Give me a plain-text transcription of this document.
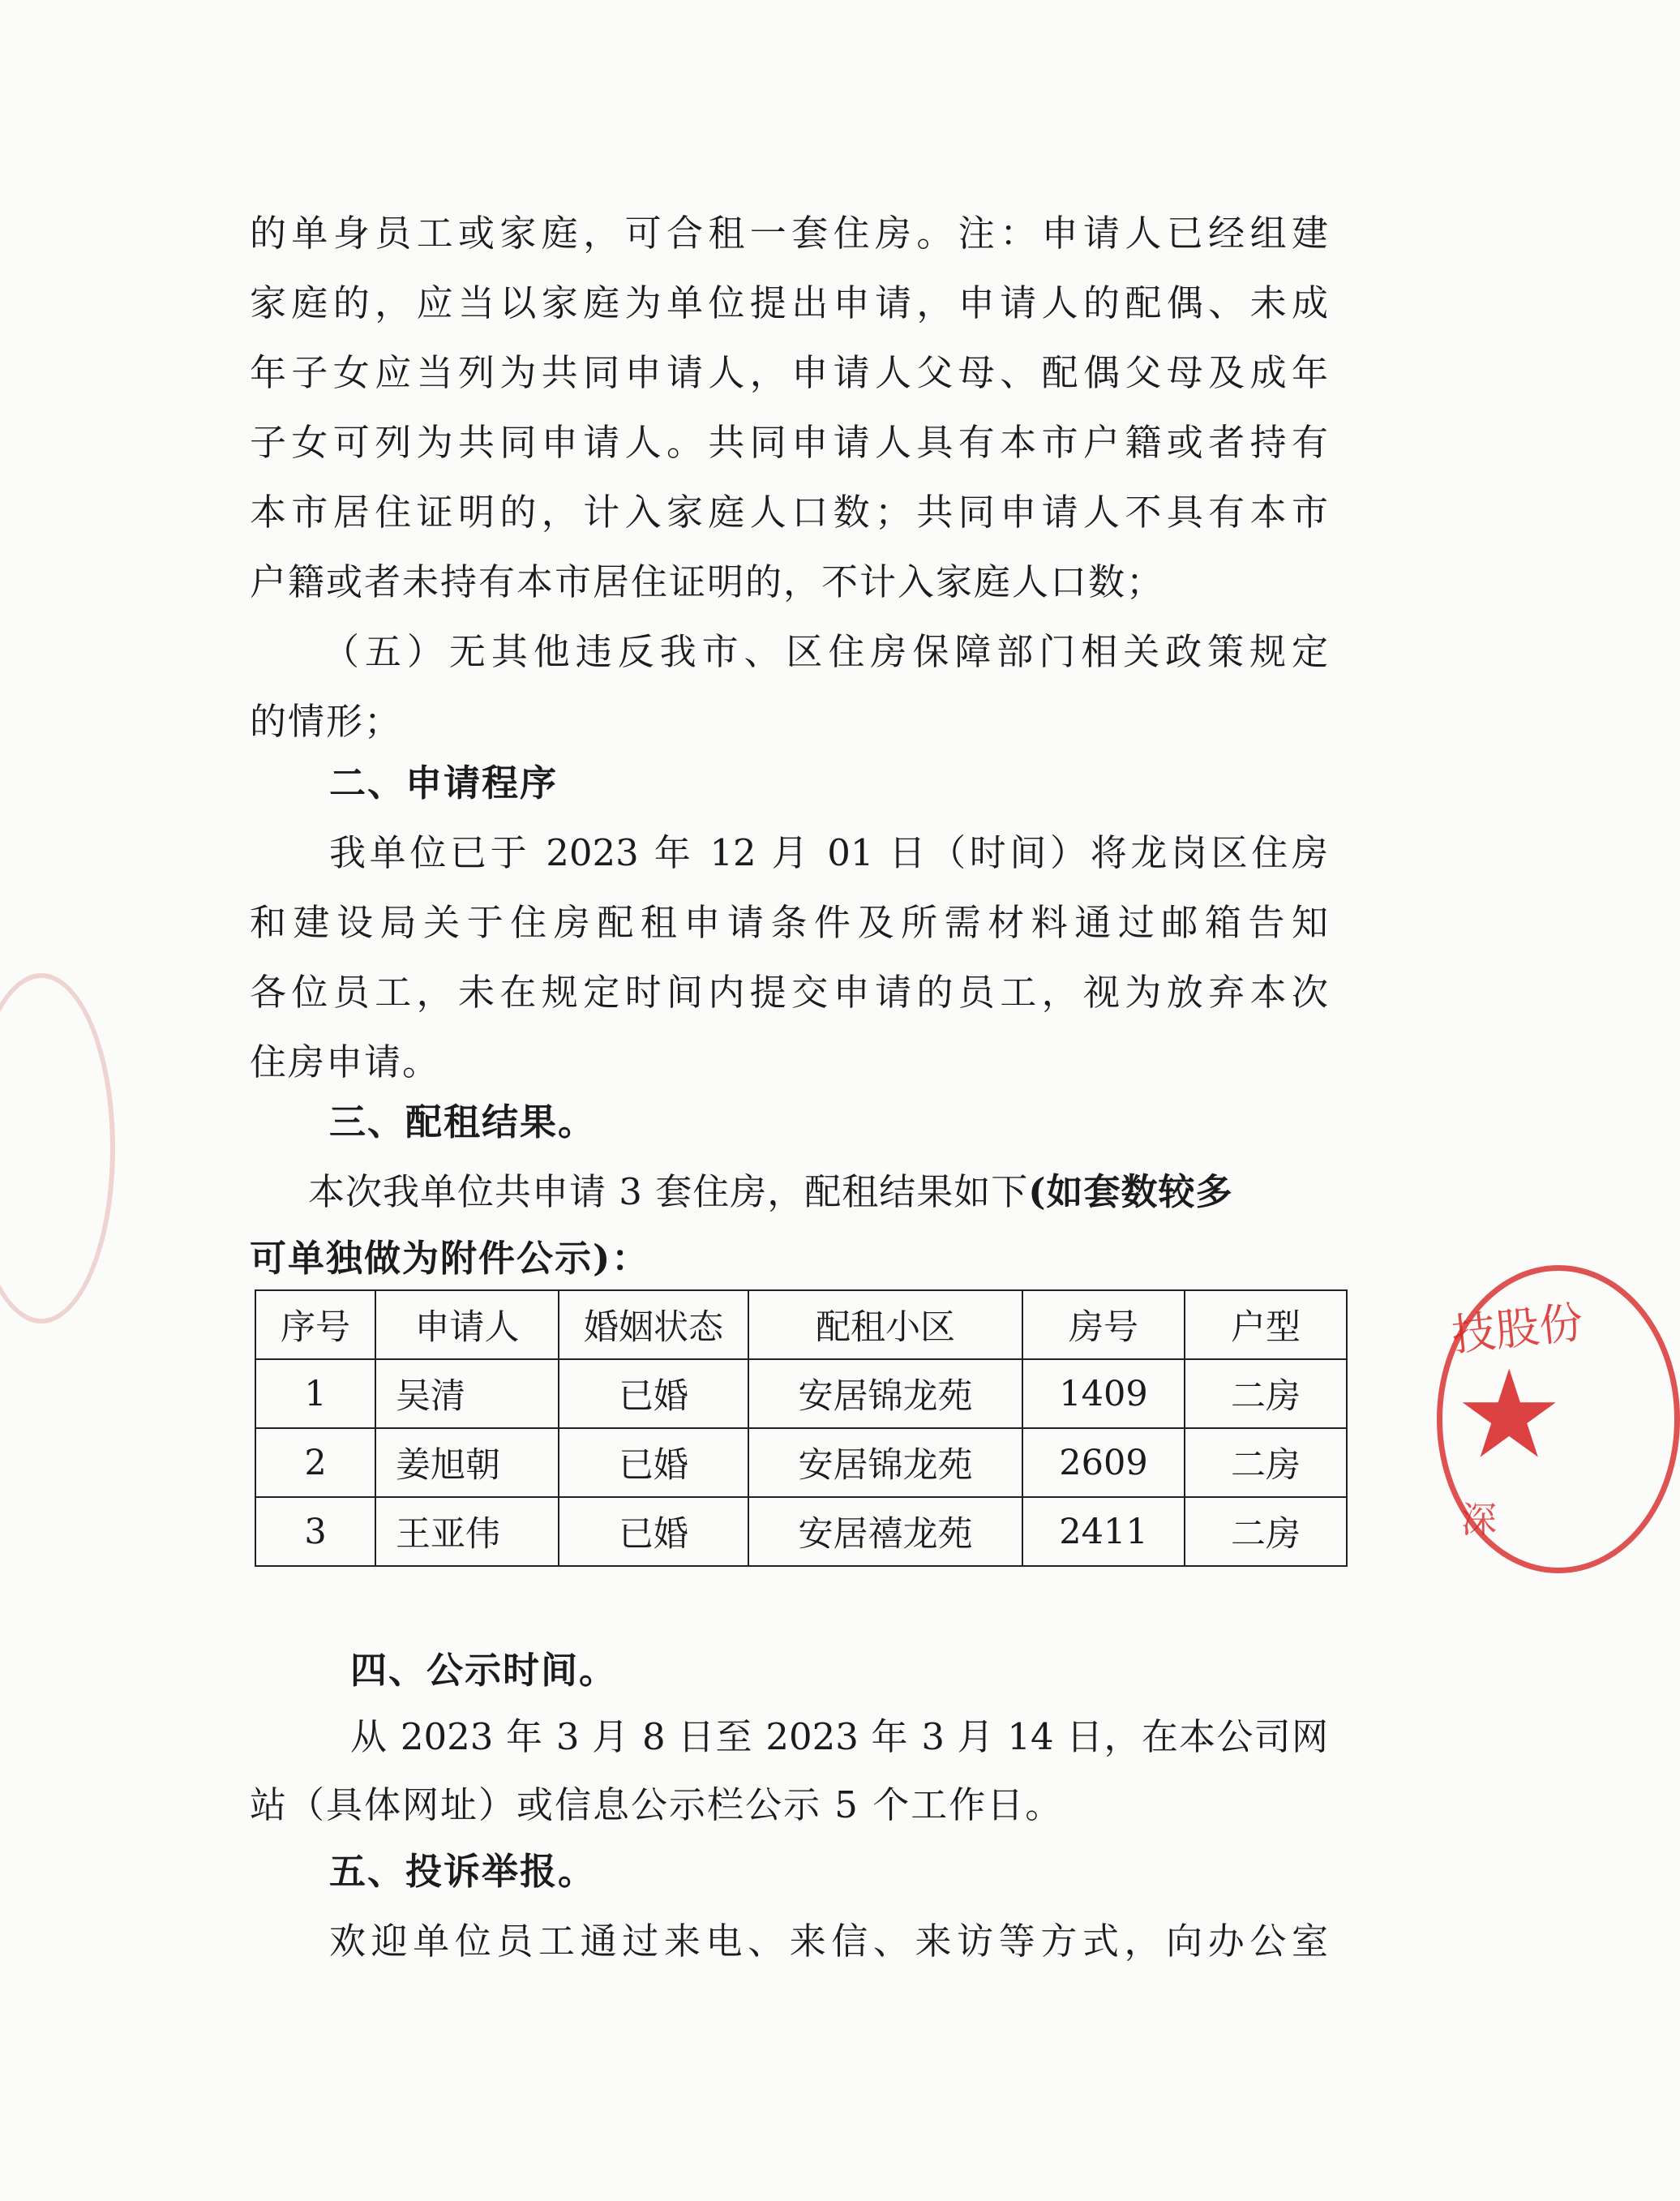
的单身员工或家庭，可合租一套住房。注：申请人已经组建
家庭的，应当以家庭为单位提出申请，申请人的配偶、未成
年子女应当列为共同申请人，申请人父母、配偶父母及成年
子女可列为共同申请人。共同申请人具有本市户籍或者持有
本市居住证明的，计入家庭人口数；共同申请人不具有本市
户籍或者未持有本市居住证明的，不计入家庭人口数；
（五）无其他违反我市、区住房保障部门相关政策规定
的情形；
二、申请程序
我单位已于 2023 年 12 月 01 日（时间）将龙岗区住房
和建设局关于住房配租申请条件及所需材料通过邮箱告知
各位员工，未在规定时间内提交申请的员工，视为放弃本次
住房申请。
三、配租结果。
本次我单位共申请 3 套住房，配租结果如下(如套数较多
可单独做为附件公示)：
序号	申请人	婚姻状态	配租小区	房号	户型
1	吴清	已婚	安居锦龙苑	1409	二房
2	姜旭朝	已婚	安居锦龙苑	2609	二房
3	王亚伟	已婚	安居禧龙苑	2411	二房
四、公示时间。
从 2023 年 3 月 8 日至 2023 年 3 月 14 日，在本公司网
站（具体网址）或信息公示栏公示 5 个工作日。
五、投诉举报。
欢迎单位员工通过来电、来信、来访等方式，向办公室
技股份
★
深
